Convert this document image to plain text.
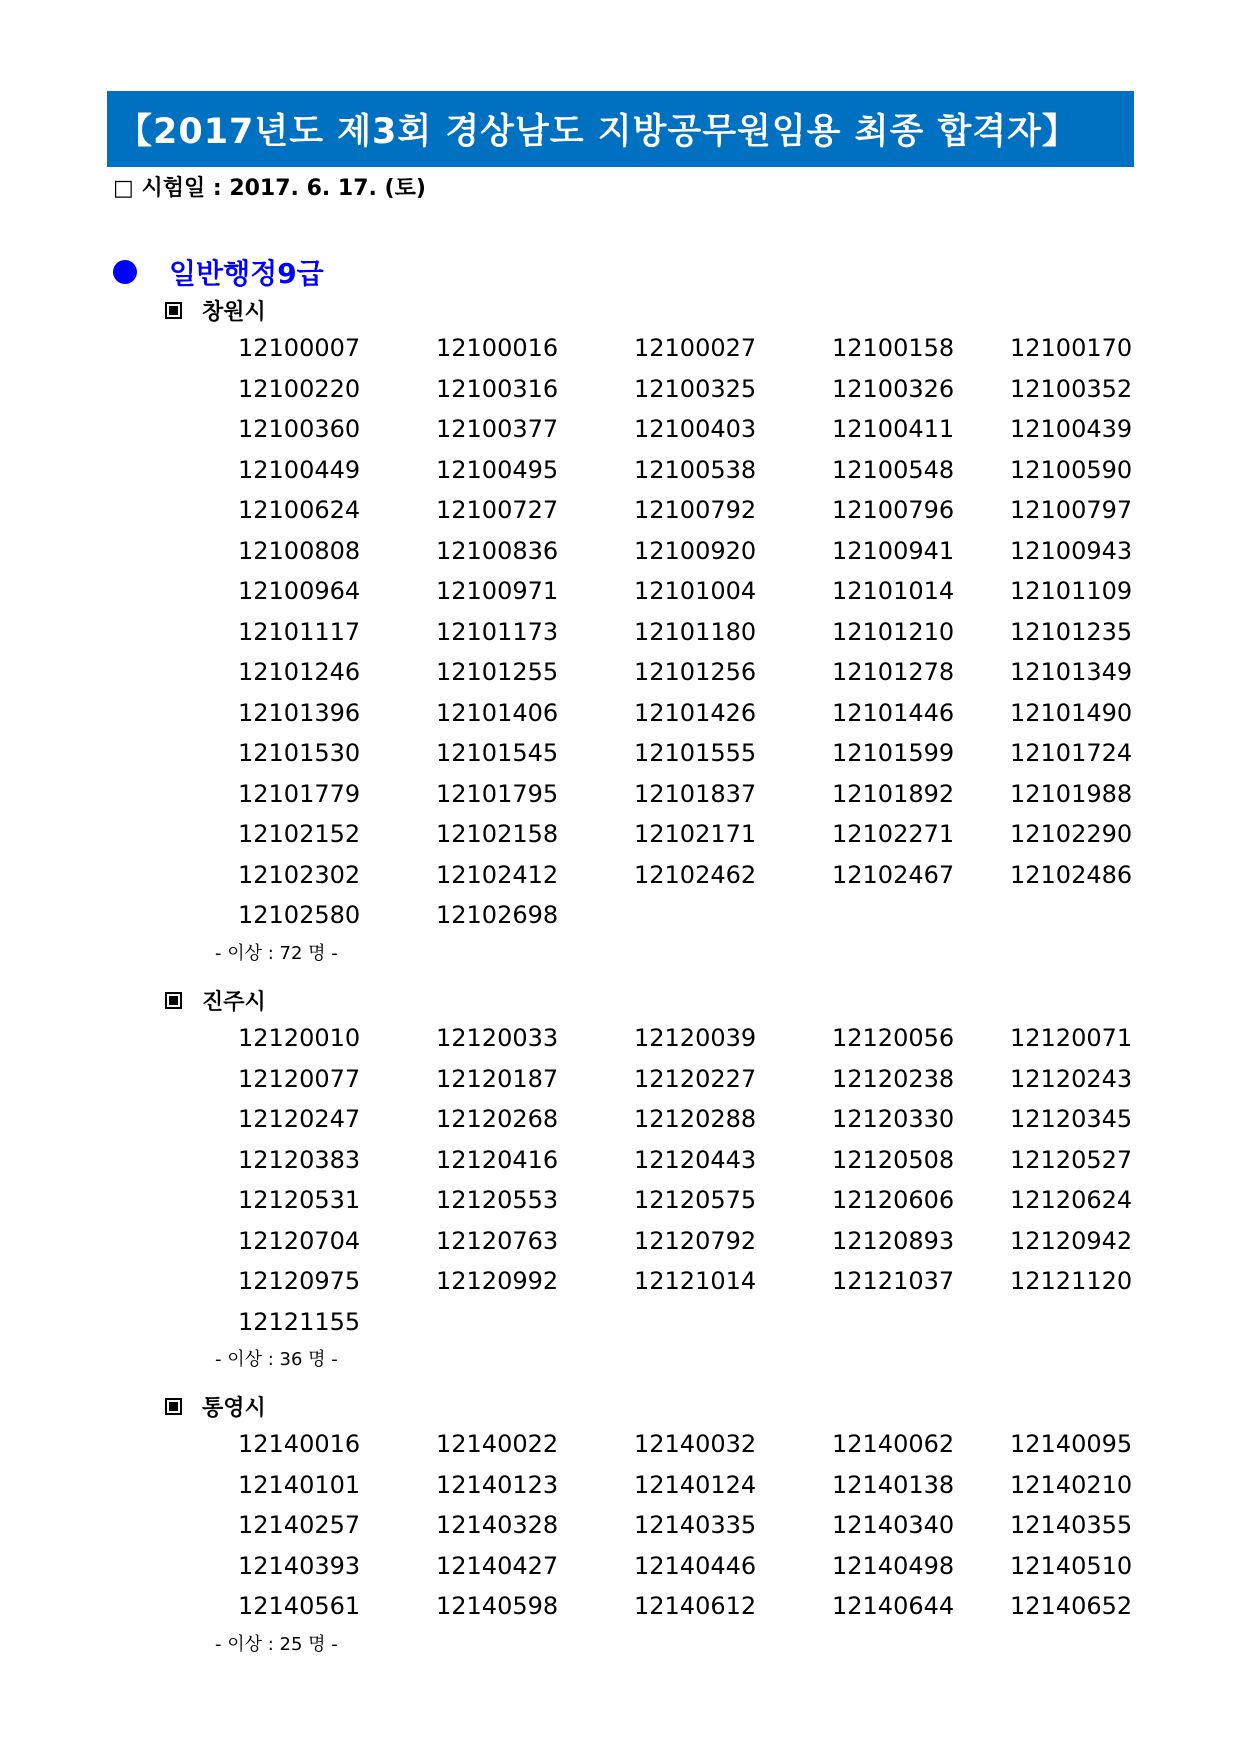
【2017년도 제3회 경상남도 지방공무원임용 최종 합격자】
□ 시험일 : 2017. 6. 17. (토)
일반행정9급
창원시
12100007	12100016	12100027	12100158 12100170
12100220	12100316	12100325	12100326 12100352
12100360	12100377	12100403	12100411 12100439
12100449	12100495	12100538	12100548 12100590
12100624	12100727	12100792	12100796 12100797
12100808	12100836	12100920	12100941 12100943
12100964	12100971	12101004	12101014 12101109
12101117	12101173	12101180	12101210 12101235
12101246	12101255	12101256	12101278 12101349
12101396	12101406	12101426	12101446 12101490
12101530	12101545	12101555	12101599 12101724
12101779	12101795	12101837	12101892 12101988
12102152	12102158	12102171	12102271 12102290
12102302	12102412	12102462	12102467 12102486
12102580	12102698
- 이상 : 72 명 -
진주시
12120010	12120033	12120039	12120056 12120071
12120077	12120187	12120227	12120238 12120243
12120247	12120268	12120288	12120330 12120345
12120383	12120416	12120443	12120508 12120527
12120531	12120553	12120575	12120606 12120624
12120704	12120763	12120792	12120893 12120942
12120975	12120992	12121014	12121037 12121120
12121155
- 이상 : 36 명 -
통영시
12140016	12140022	12140032	12140062 12140095
12140101	12140123	12140124	12140138 12140210
12140257	12140328	12140335	12140340 12140355
12140393	12140427	12140446	12140498 12140510
12140561	12140598	12140612	12140644 12140652
- 이상 : 25 명 -
